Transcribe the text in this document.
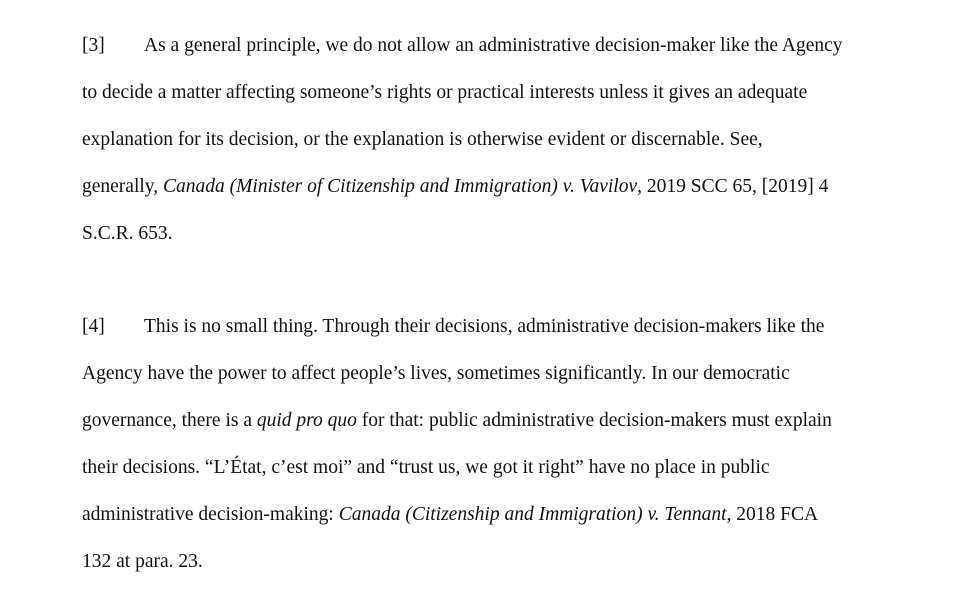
[3] As a general principle, we do not allow an administrative decision-maker like the Agency
to decide a matter affecting someone’s rights or practical interests unless it gives an adequate
explanation for its decision, or the explanation is otherwise evident or discernable. See,
generally, Canada (Minister of Citizenship and Immigration) v. Vavilov, 2019 SCC 65, [2019] 4
S.C.R. 653.
[4] This is no small thing. Through their decisions, administrative decision-makers like the
Agency have the power to affect people’s lives, sometimes significantly. In our democratic
governance, there is a quid pro quo for that: public administrative decision-makers must explain
their decisions. “L’État, c’est moi” and “trust us, we got it right” have no place in public
administrative decision-making: Canada (Citizenship and Immigration) v. Tennant, 2018 FCA
132 at para. 23.
